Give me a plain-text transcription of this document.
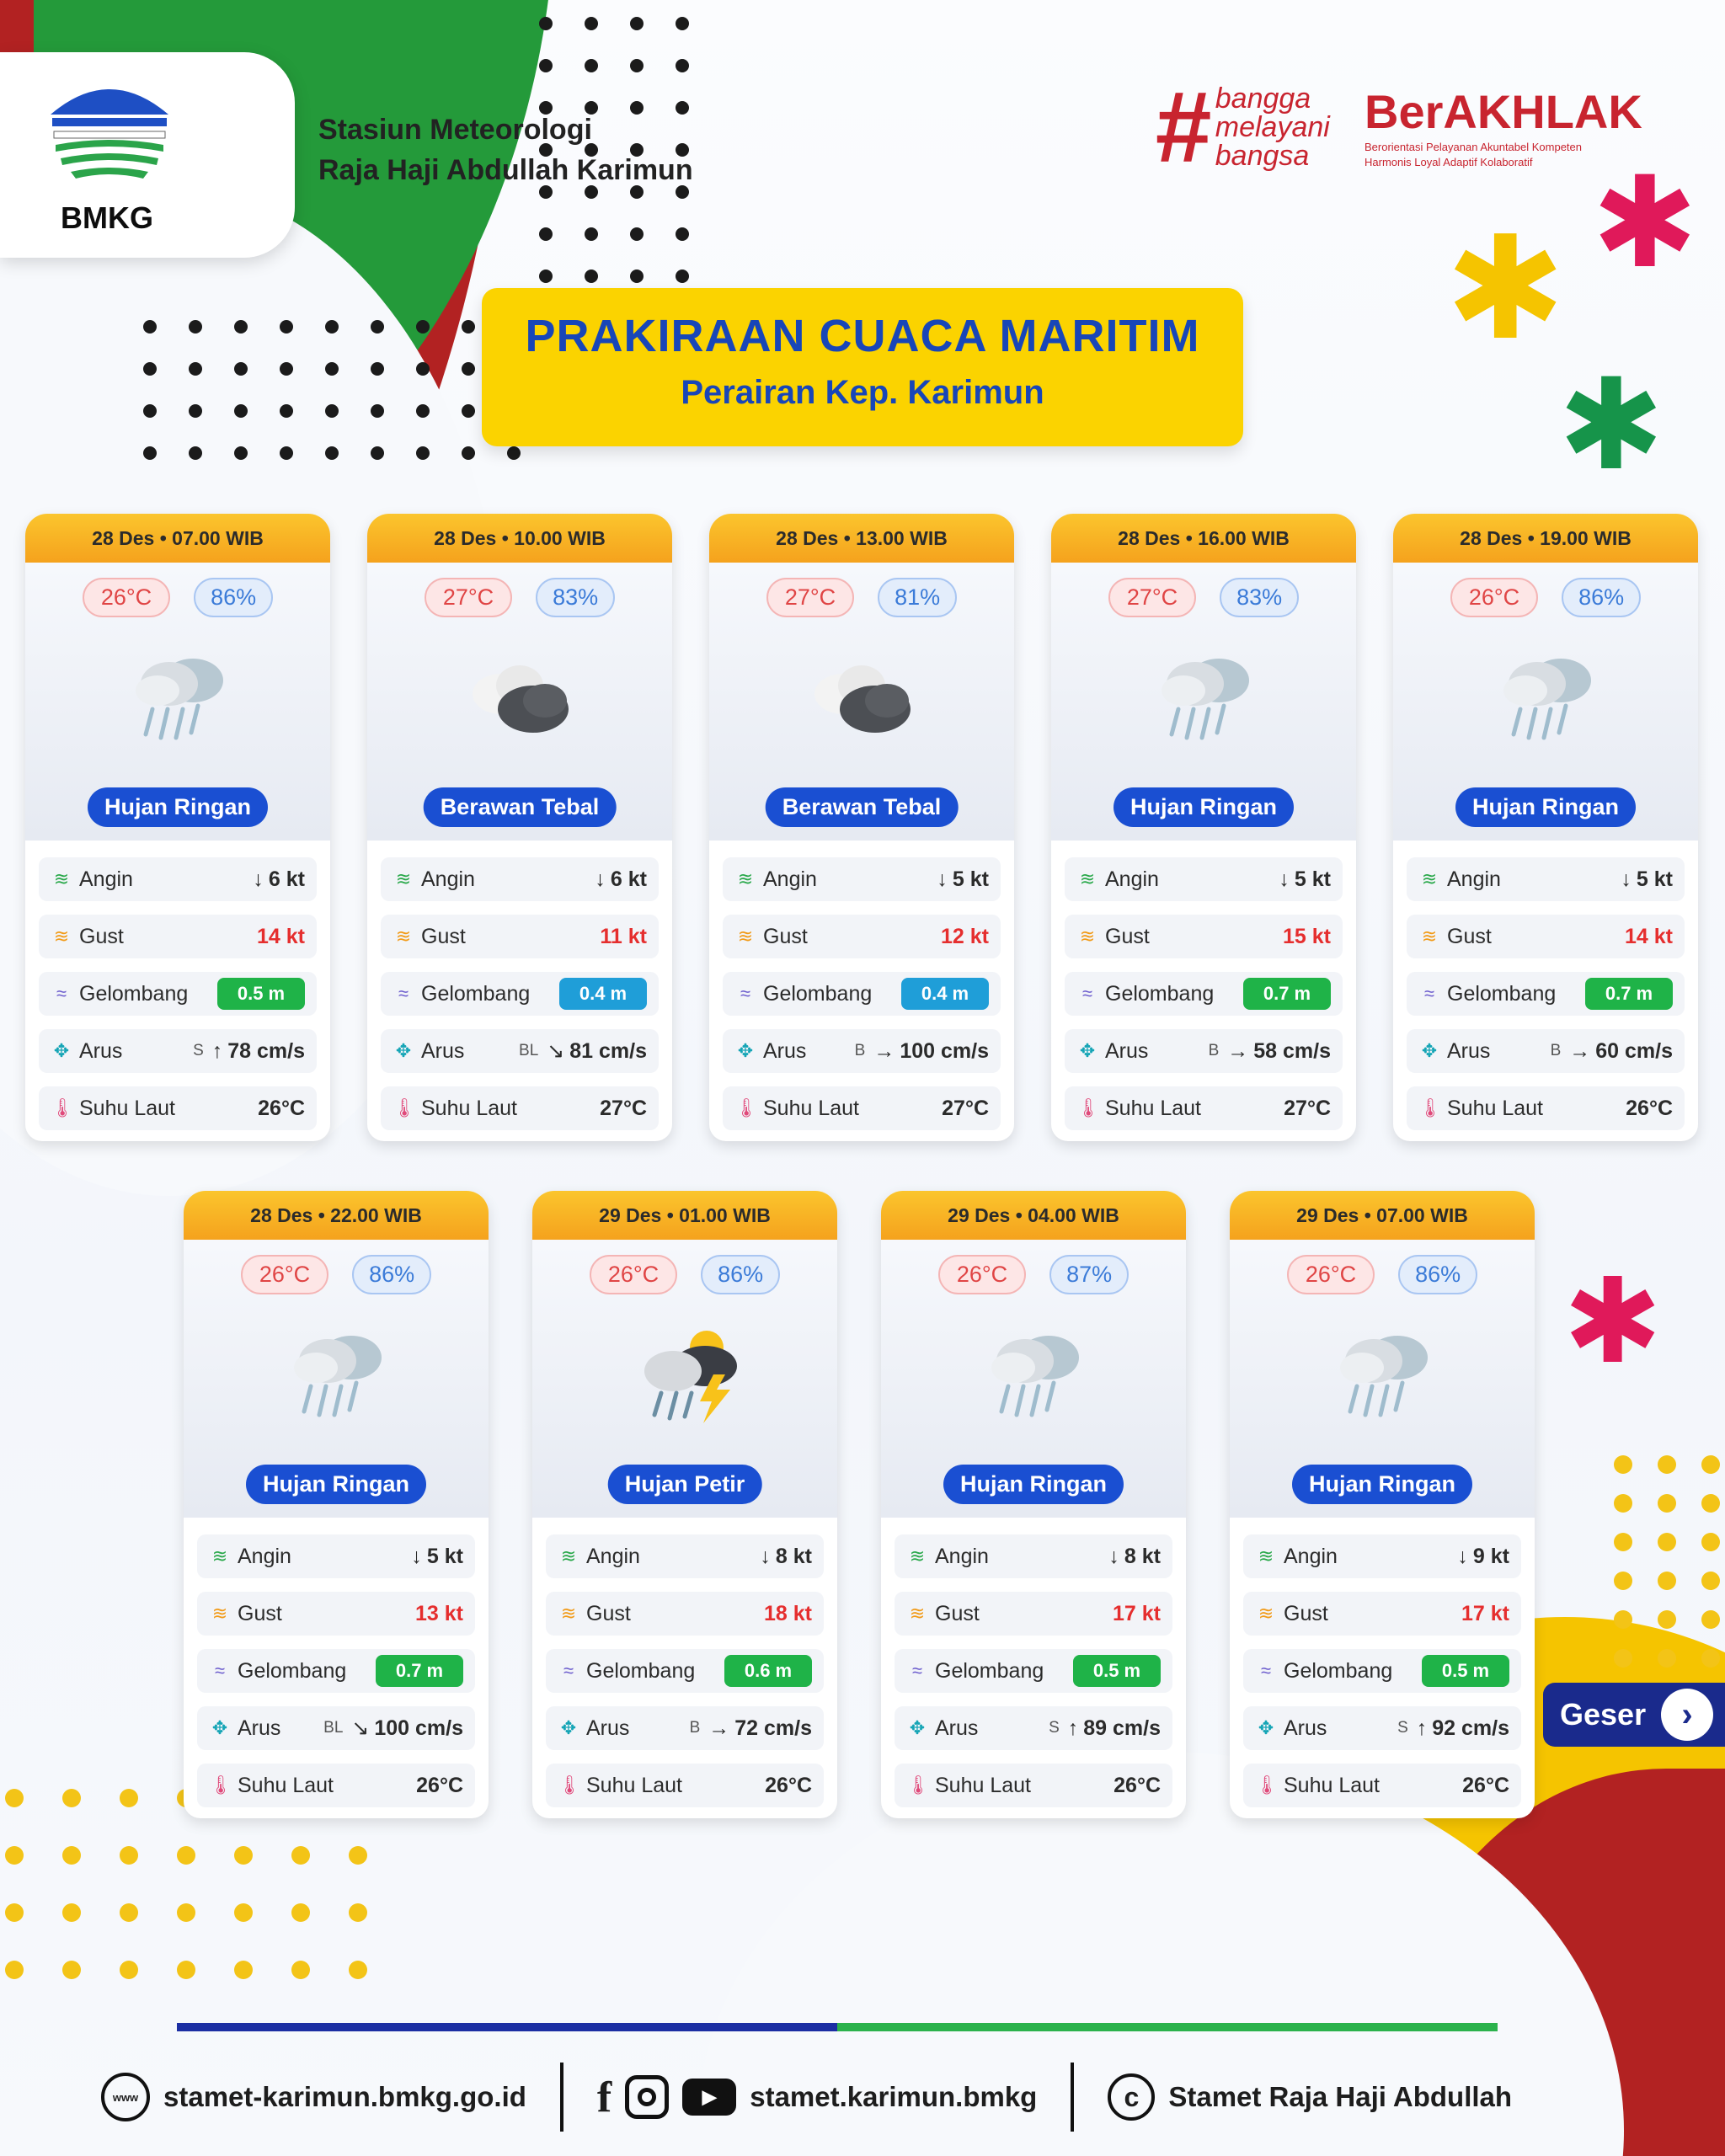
✱
✱
✱
✱
BMKG
Stasiun Meteorologi
Raja Haji Abdullah Karimun	# bangga
melayani
bangsa
BerAKHLAK
Berorientasi Pelayanan Akuntabel Kompeten
Harmonis Loyal Adaptif Kolaboratif
PRAKIRAAN CUACA MARITIM
Perairan Kep. Karimun
28 Des • 07.00 WIB
26°C	86%
Hujan Ringan
≋ Angin	↓ 6 kt
≋ Gust	14 kt
≈ Gelombang	0.5 m
✥ Arus	S ↑ 78 cm/s
🌡 Suhu Laut	26°C
28 Des • 10.00 WIB
27°C	83%
Berawan Tebal
≋ Angin	↓ 6 kt
≋ Gust	11 kt
≈ Gelombang	0.4 m
✥ Arus	BL ↘ 81 cm/s
🌡 Suhu Laut	27°C
28 Des • 13.00 WIB
27°C	81%
Berawan Tebal
≋ Angin	↓ 5 kt
≋ Gust	12 kt
≈ Gelombang	0.4 m
✥ Arus	B → 100 cm/s
🌡 Suhu Laut	27°C
28 Des • 16.00 WIB
27°C	83%
Hujan Ringan
≋ Angin	↓ 5 kt
≋ Gust	15 kt
≈ Gelombang	0.7 m
✥ Arus	B → 58 cm/s
🌡 Suhu Laut	27°C
28 Des • 19.00 WIB
26°C	86%
Hujan Ringan
≋ Angin	↓ 5 kt
≋ Gust	14 kt
≈ Gelombang	0.7 m
✥ Arus	B → 60 cm/s
🌡 Suhu Laut	26°C
28 Des • 22.00 WIB
26°C	86%
Hujan Ringan
≋ Angin	↓ 5 kt
≋ Gust	13 kt
≈ Gelombang	0.7 m
✥ Arus	BL ↘ 100 cm/s
🌡 Suhu Laut	26°C
29 Des • 01.00 WIB
26°C	86%
Hujan Petir
≋ Angin	↓ 8 kt
≋ Gust	18 kt
≈ Gelombang	0.6 m
✥ Arus	B → 72 cm/s
🌡 Suhu Laut	26°C
29 Des • 04.00 WIB
26°C	87%
Hujan Ringan
≋ Angin	↓ 8 kt
≋ Gust	17 kt
≈ Gelombang	0.5 m
✥ Arus	S ↑ 89 cm/s
🌡 Suhu Laut	26°C
29 Des • 07.00 WIB
26°C	86%
Hujan Ringan
≋ Angin	↓ 9 kt
≋ Gust	17 kt
≈ Gelombang	0.5 m
✥ Arus	S ↑ 92 cm/s
🌡 Suhu Laut	26°C
Geser	›
www stamet-karimun.bmkg.go.id f	▶	stamet.karimun.bmkg	c	Stamet Raja Haji Abdullah
